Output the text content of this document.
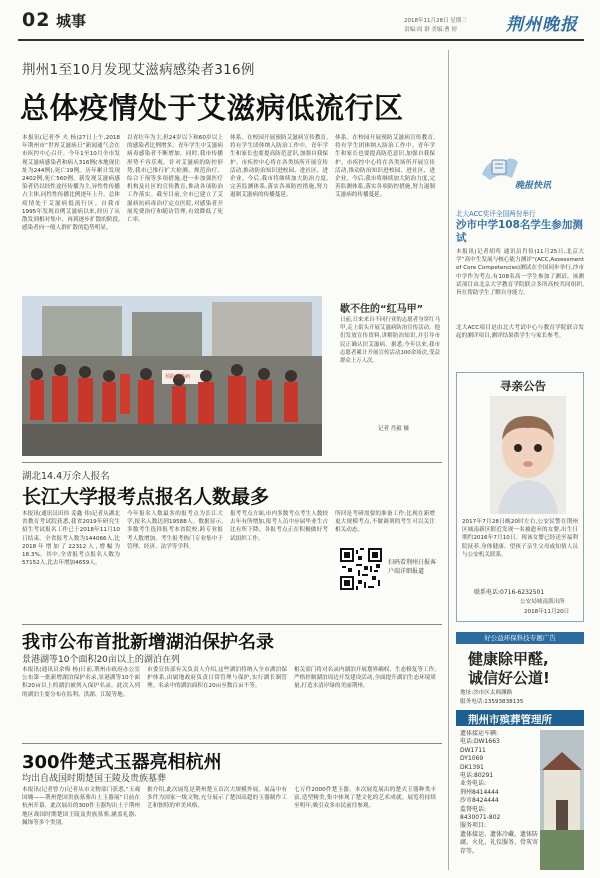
02 城事	2018年11月28日 星期三
责编:周 群 美编:曹 婷	荆州晚报
荆州1至10月发现艾滋病感染者316例
总体疫情处于艾滋病低流行区
本报讯(记者李 夫 杨)27日上午,2018年荆州市“世界艾滋病日”新闻通气会在市疾控中心召开。今年1至10月全市发现艾滋病感染者和病人316例(本地现住址为244例),死亡19例。历年累计发现2402例,死亡560例。新发现艾滋病感染者仍以经性途径传播为主,异性性传播占主体,同性性传播比例逐年上升。总体疫情处于艾滋病低流行区。自我市1995年发现首例艾滋病以来,经历了从散发到相对集中、再到逐步扩散的阶段,感染者向一般人群扩散的趋势明显。
以青壮年为主,但24岁以下和60岁以上的感染者比例增多。青年学生中艾滋病病毒感染者不断增加。同时,我市传播形势不容乐观。针对艾滋病的防控形势,我市已推行扩大检测、规范治疗、综合干预等多项措施,进一步加强医疗机构及社区的宣传教育,推动各项防治工作落实。截至目前,全市已建立了艾滋病抗病毒治疗定点医院,对感染者开展免费治疗和随访管理,有效降低了死亡率。
体系。在校园开展预防艾滋病宣传教育,将有学生团体纳入防治工作中。青年学生和家长也要提高防范意识,加强自我保护。市疾控中心将在各类场所开展宣传活动,推动防治知识进校园、进社区、进企业。今后,我市将继续加大防治力度,完善监测体系,落实各项防控措施,努力遏制艾滋病的传播蔓延。
体系。在校园开展预防艾滋病宣传教育,将有学生团体纳入防治工作中。青年学生和家长也要提高防范意识,加强自我保护。市疾控中心将在各类场所开展宣传活动,推动防治知识进校园、进社区、进企业。今后,我市将继续加大防治力度,完善监测体系,落实各项防控措施,努力遏制艾滋病的传播蔓延。
晚报快讯
预防艾滋病
歇不住的“红马甲”
日前,日来来自不同行业的志愿者身穿红马甲,走上街头开展艾滋病防治宣传活动。他们发放宣传资料,讲解防治知识,并引导市民正确认识艾滋病。据悉,今年以来,我市志愿者累计开展宣传活动300余场次,受益群众上万人次。
记者 肖毅 摄
湖北14.4万余人报名
长江大学报考点报名人数最多
本报讯(通讯员田伟 姜鑫 伟)记者从湖北省教育考试院获悉,我省2019年研究生招生考试报名工作已于2018年11月10日结束。全省报考人数为144066人,比2018年增加了22312人,增幅为18.3%。其中,全省报考点报名人数为57152人,比去年增加4659人。
今年报名人数最多的报考点为长江大学,报名人数达到19588人。数据显示,多数考生选择报考本省院校,跨专业报考人数增加。考生报考热门专业集中于管理、经济、法学等学科。
报考考点方面,市内多数考点考生人数较去年有所增加,报考人员中应届毕业生占比有所下降。各报考点正在积极做好考试组织工作。
所回是考研需要的准备工作;比现在新增更大规模考点,不做调剂的考生可以关注相关动态。
扫码看荆州日报客户端详细报道
我市公布首批新增湖泊保护名录
景港湖等10个面积20亩以上的湖泊在列
本报讯(通讯员余梅 杨)日前,荆州市政府办公室公布第一批新增湖泊保护名录,景港湖等10个面积20亩以上的湖泊被列入保护名录。此次入列的湖泊主要分布在监利、洪湖、江陵等地。
市委宣传部有关负责人介绍,这些湖泊将纳入全市湖泊保护体系,由属地政府负责日常管理与保护,实行湖长制管理。名录中的湖泊面积在20亩至数百亩不等。
相关部门将对名录内湖泊开展划界确权、生态修复等工作,严格控制湖泊周边开发建设活动,全面提升湖泊生态环境质量,打造水清岸绿的美丽荆州。
300件楚式玉器亮相杭州
均出自战国时期楚国王陵及贵族墓葬
本报讯(记者曾力)记者从市文物部门获悉,“玉魂国魄——荆州楚国贵族墓葬出土玉器展”日前在杭州开幕。此次展出的300件玉器均出土于荆州地区战国时期楚国王陵及贵族墓葬,涵盖礼器、佩饰等多个类别。
据介绍,此次展览是荆州楚玉首次大规模外展。展品中有多件为国家一级文物,充分展示了楚国高超的玉器制作工艺和独特的审美风格。
七万件2000件楚玉器。本次展览展出的楚式玉器种类丰富,造型精美,集中体现了楚文化的艺术成就。展览将持续至明年,吸引众多市民前往参观。
北大ACC奖评全国两份举行
沙市中学108名学生参加测试
本报讯(记者胡鸾 通讯员肖俭)11月25日,北京大学“高中生发展与核心能力测评”(ACC,Assessment of Core Competencies)测试在全国同步举行,沙市中学作为考点,有108名高一学生参加了测试。该测试项目由北京大学教育学院联合多所高校共同组织,旨在帮助学生了解自身能力。
北大ACC项目是由北大考试中心与教育学院联合发起的测评项目,测评结果供学生与家长参考。
寻亲公告
2017年7月28日晚20时左右,公安民警在荆州区城南新区附近发现一名被遗弃的女婴,出生日期约2016年7月10日。现该女婴已经送至福利院抚养,身体健康。望孩子亲生父母或知情人员与公安机关联系。
联系电话:0716-6232501
公安局城南派出所
2018年11月20日
好公益环保科技专题广告
健康除甲醛,
诚信好公道!
地址:沙市区太师渊路
服务电话:13593838135
荆州市殡葬管理所
遗体接运车辆:
电话:DW1663
DW1711
DY1069
DK1391
电话:80291
业务电话:
荆州8414444
沙市8424444
监督电话:
8430071-802
服务项目:
遗体接运、遗体冷藏、遗体防腐、火化、礼仪服务、骨灰寄存等。
